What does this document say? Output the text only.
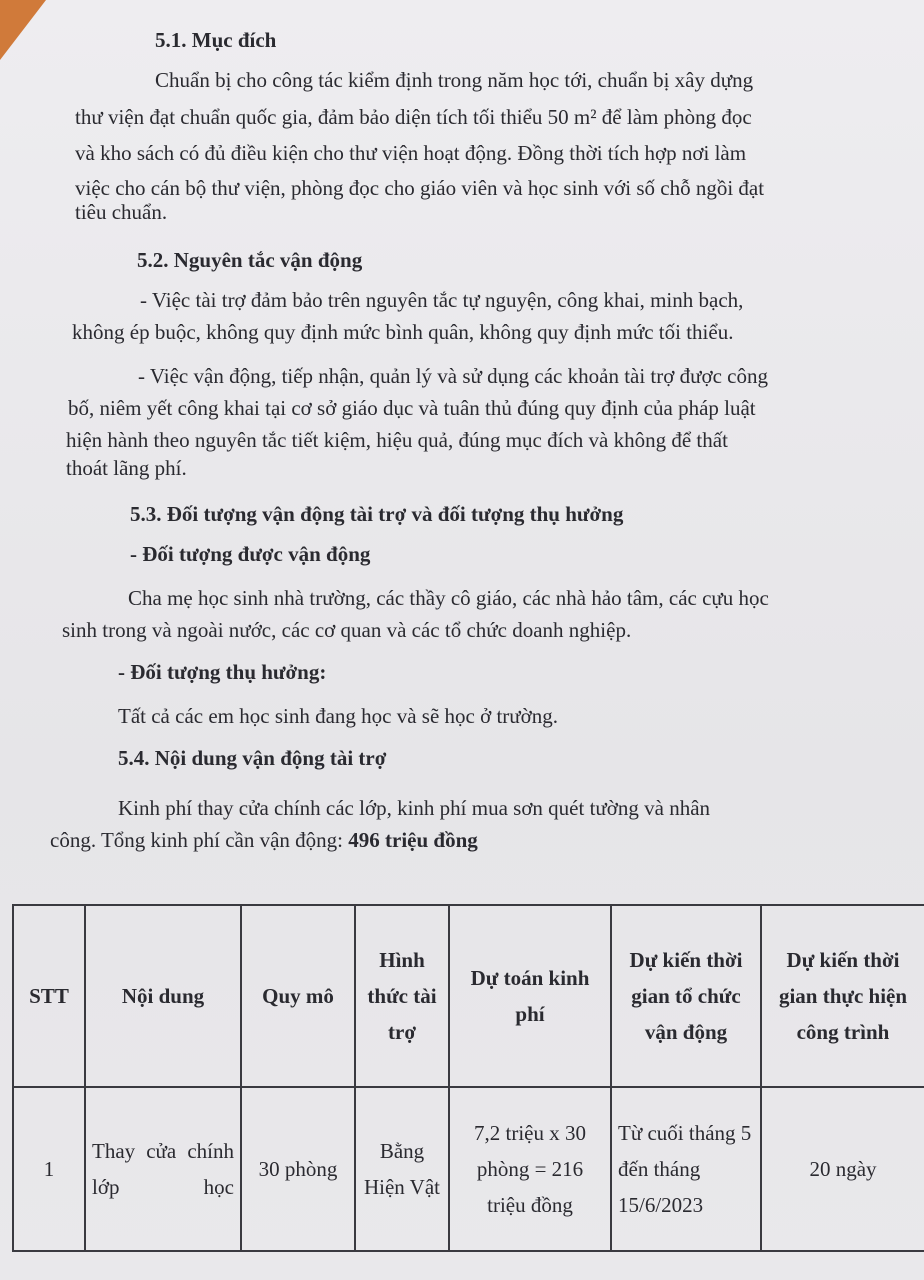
5.1. Mục đích
Chuẩn bị cho công tác kiểm định trong năm học tới, chuẩn bị xây dựng
thư viện đạt chuẩn quốc gia, đảm bảo diện tích tối thiểu 50 m² để làm phòng đọc
và kho sách có đủ điều kiện cho thư viện hoạt động. Đồng thời tích hợp nơi làm
việc cho cán bộ thư viện, phòng đọc cho giáo viên và học sinh với số chỗ ngồi đạt
tiêu chuẩn.
5.2. Nguyên tắc vận động
- Việc tài trợ đảm bảo trên nguyên tắc tự nguyện, công khai, minh bạch,
không ép buộc, không quy định mức bình quân, không quy định mức tối thiểu.
- Việc vận động, tiếp nhận, quản lý và sử dụng các khoản tài trợ được công
bố, niêm yết công khai tại cơ sở giáo dục và tuân thủ đúng quy định của pháp luật
hiện hành theo nguyên tắc tiết kiệm, hiệu quả, đúng mục đích và không để thất
thoát lãng phí.
5.3. Đối tượng vận động tài trợ và đối tượng thụ hưởng
- Đối tượng được vận động
Cha mẹ học sinh nhà trường, các thầy cô giáo, các nhà hảo tâm, các cựu học
sinh trong và ngoài nước, các cơ quan và các tổ chức doanh nghiệp.
- Đối tượng thụ hưởng:
Tất cả các em học sinh đang học và sẽ học ở trường.
5.4. Nội dung vận động tài trợ
Kinh phí thay cửa chính các lớp, kinh phí mua sơn quét tường và nhân
công. Tổng kinh phí cần vận động: 496 triệu đồng
STT	Nội dung	Quy mô	Hình thức tài trợ	Dự toán kinh phí	Dự kiến thời gian tổ chức vận động	Dự kiến thời gian thực hiện công trình
1	Thay cửa chính lớp học	30 phòng	Bằng Hiện Vật	7,2 triệu x 30 phòng = 216 triệu đồng	Từ cuối tháng 5 đến tháng 15/6/2023	20 ngày
